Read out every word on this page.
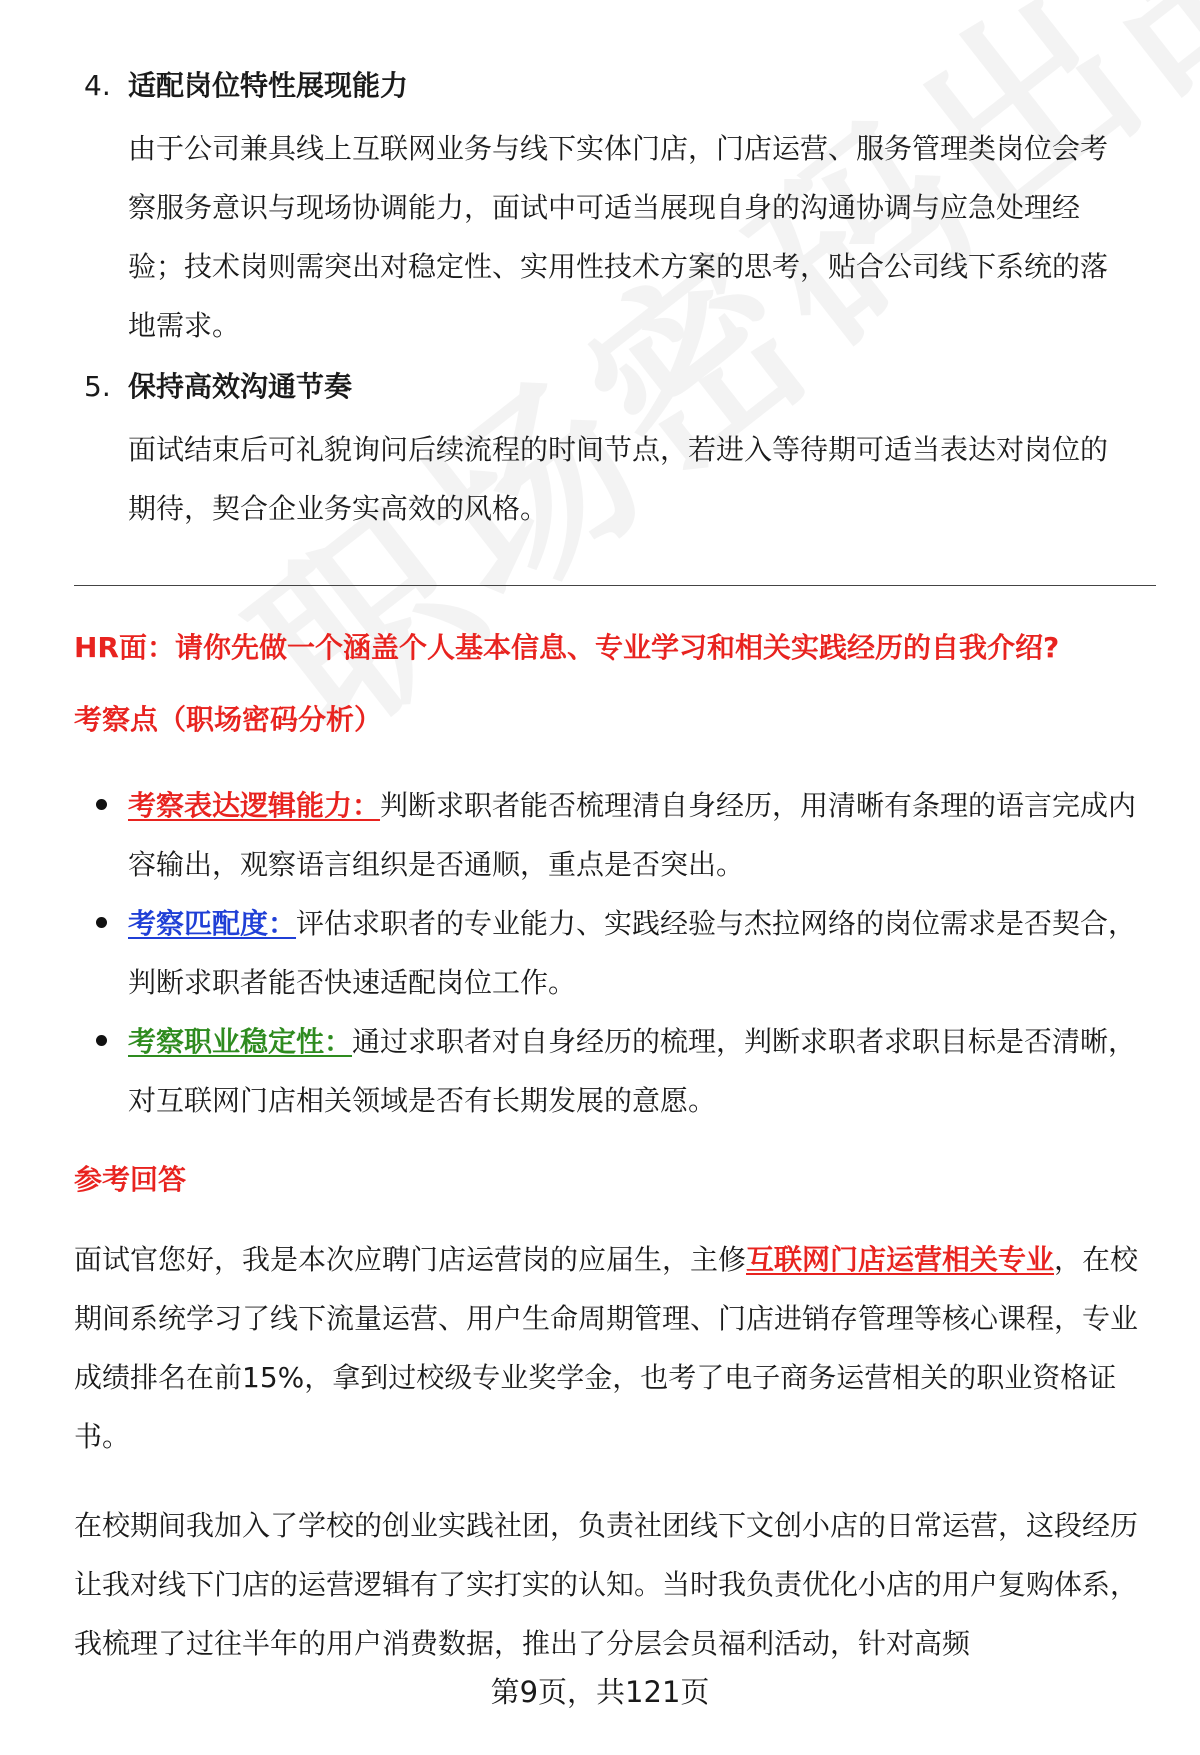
4. 适配岗位特性展现能力
由于公司兼具线上互联网业务与线下实体门店，门店运营、服务管理类岗位会考察服务意识与现场协调能力，面试中可适当展现自身的沟通协调与应急处理经验；技术岗则需突出对稳定性、实用性技术方案的思考，贴合公司线下系统的落地需求。
5. 保持高效沟通节奏
面试结束后可礼貌询问后续流程的时间节点，若进入等待期可适当表达对岗位的期待，契合企业务实高效的风格。
HR面：请你先做一个涵盖个人基本信息、专业学习和相关实践经历的自我介绍?
考察点（职场密码分析）
考察表达逻辑能力：判断求职者能否梳理清自身经历，用清晰有条理的语言完成内容输出，观察语言组织是否通顺，重点是否突出。
考察匹配度：评估求职者的专业能力、实践经验与杰拉网络的岗位需求是否契合，判断求职者能否快速适配岗位工作。
考察职业稳定性：通过求职者对自身经历的梳理，判断求职者求职目标是否清晰，对互联网门店相关领域是否有长期发展的意愿。
参考回答
面试官您好，我是本次应聘门店运营岗的应届生，主修互联网门店运营相关专业，在校期间系统学习了线下流量运营、用户生命周期管理、门店进销存管理等核心课程，专业成绩排名在前15%，拿到过校级专业奖学金，也考了电子商务运营相关的职业资格证书。
在校期间我加入了学校的创业实践社团，负责社团线下文创小店的日常运营，这段经历让我对线下门店的运营逻辑有了实打实的认知。当时我负责优化小店的用户复购体系，我梳理了过往半年的用户消费数据，推出了分层会员福利活动，针对高频
第9页，共121页
